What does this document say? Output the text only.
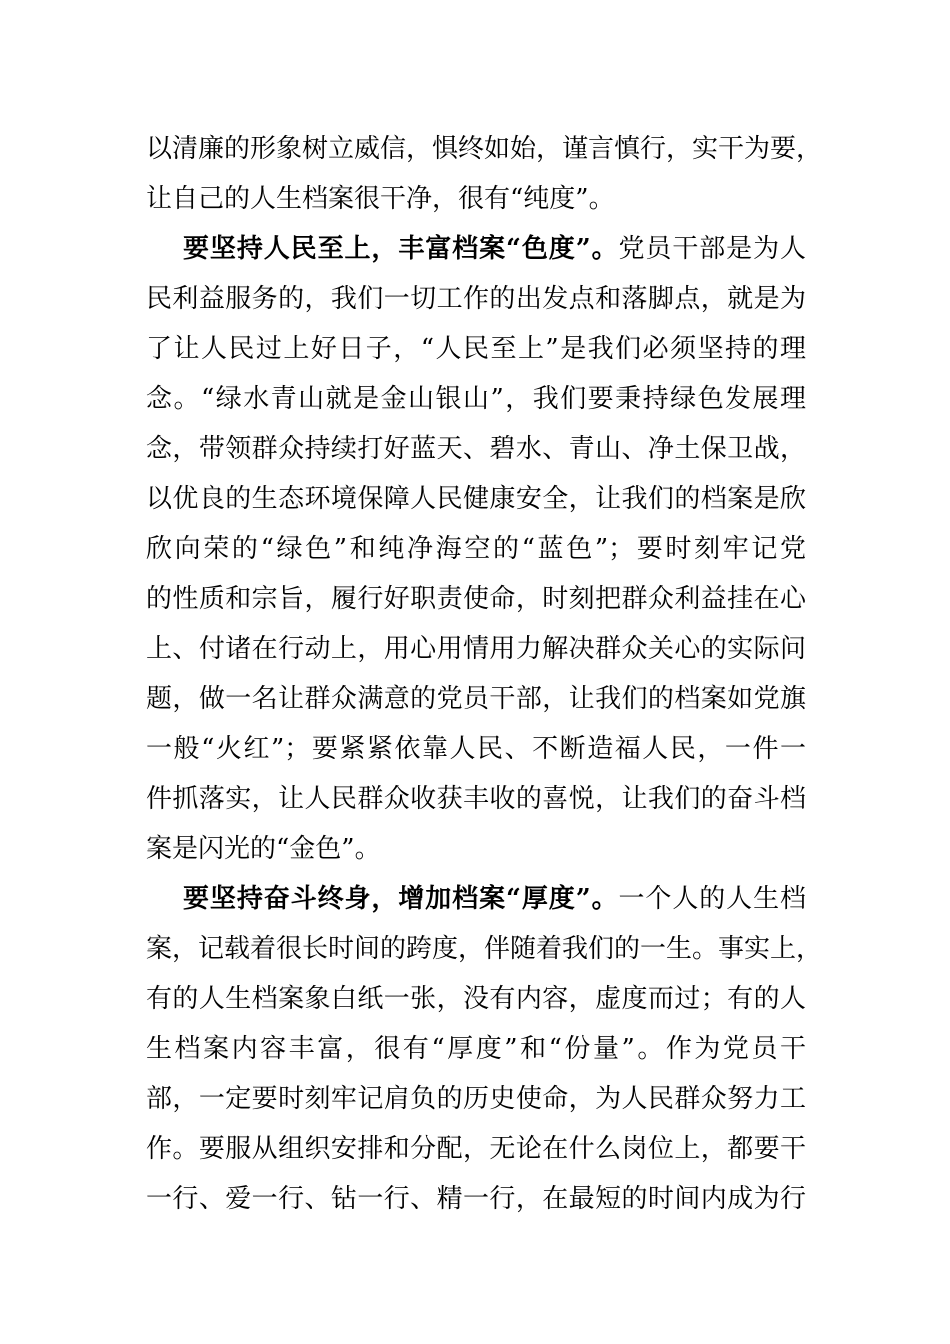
以清廉的形象树立威信，惧终如始，谨言慎行，实干为要，
让自己的人生档案很干净，很有“纯度”。
要坚持人民至上，丰富档案“色度”。党员干部是为人
民利益服务的，我们一切工作的出发点和落脚点，就是为
了让人民过上好日子，“人民至上”是我们必须坚持的理
念。“绿水青山就是金山银山”，我们要秉持绿色发展理
念，带领群众持续打好蓝天、碧水、青山、净土保卫战，
以优良的生态环境保障人民健康安全，让我们的档案是欣
欣向荣的“绿色”和纯净海空的“蓝色”；要时刻牢记党
的性质和宗旨，履行好职责使命，时刻把群众利益挂在心
上、付诸在行动上，用心用情用力解决群众关心的实际问
题，做一名让群众满意的党员干部，让我们的档案如党旗
一般“火红”；要紧紧依靠人民、不断造福人民，一件一
件抓落实，让人民群众收获丰收的喜悦，让我们的奋斗档
案是闪光的“金色”。
要坚持奋斗终身，增加档案“厚度”。一个人的人生档
案，记载着很长时间的跨度，伴随着我们的一生。事实上，
有的人生档案象白纸一张，没有内容，虚度而过；有的人
生档案内容丰富，很有“厚度”和“份量”。作为党员干
部，一定要时刻牢记肩负的历史使命，为人民群众努力工
作。要服从组织安排和分配，无论在什么岗位上，都要干
一行、爱一行、钻一行、精一行，在最短的时间内成为行
